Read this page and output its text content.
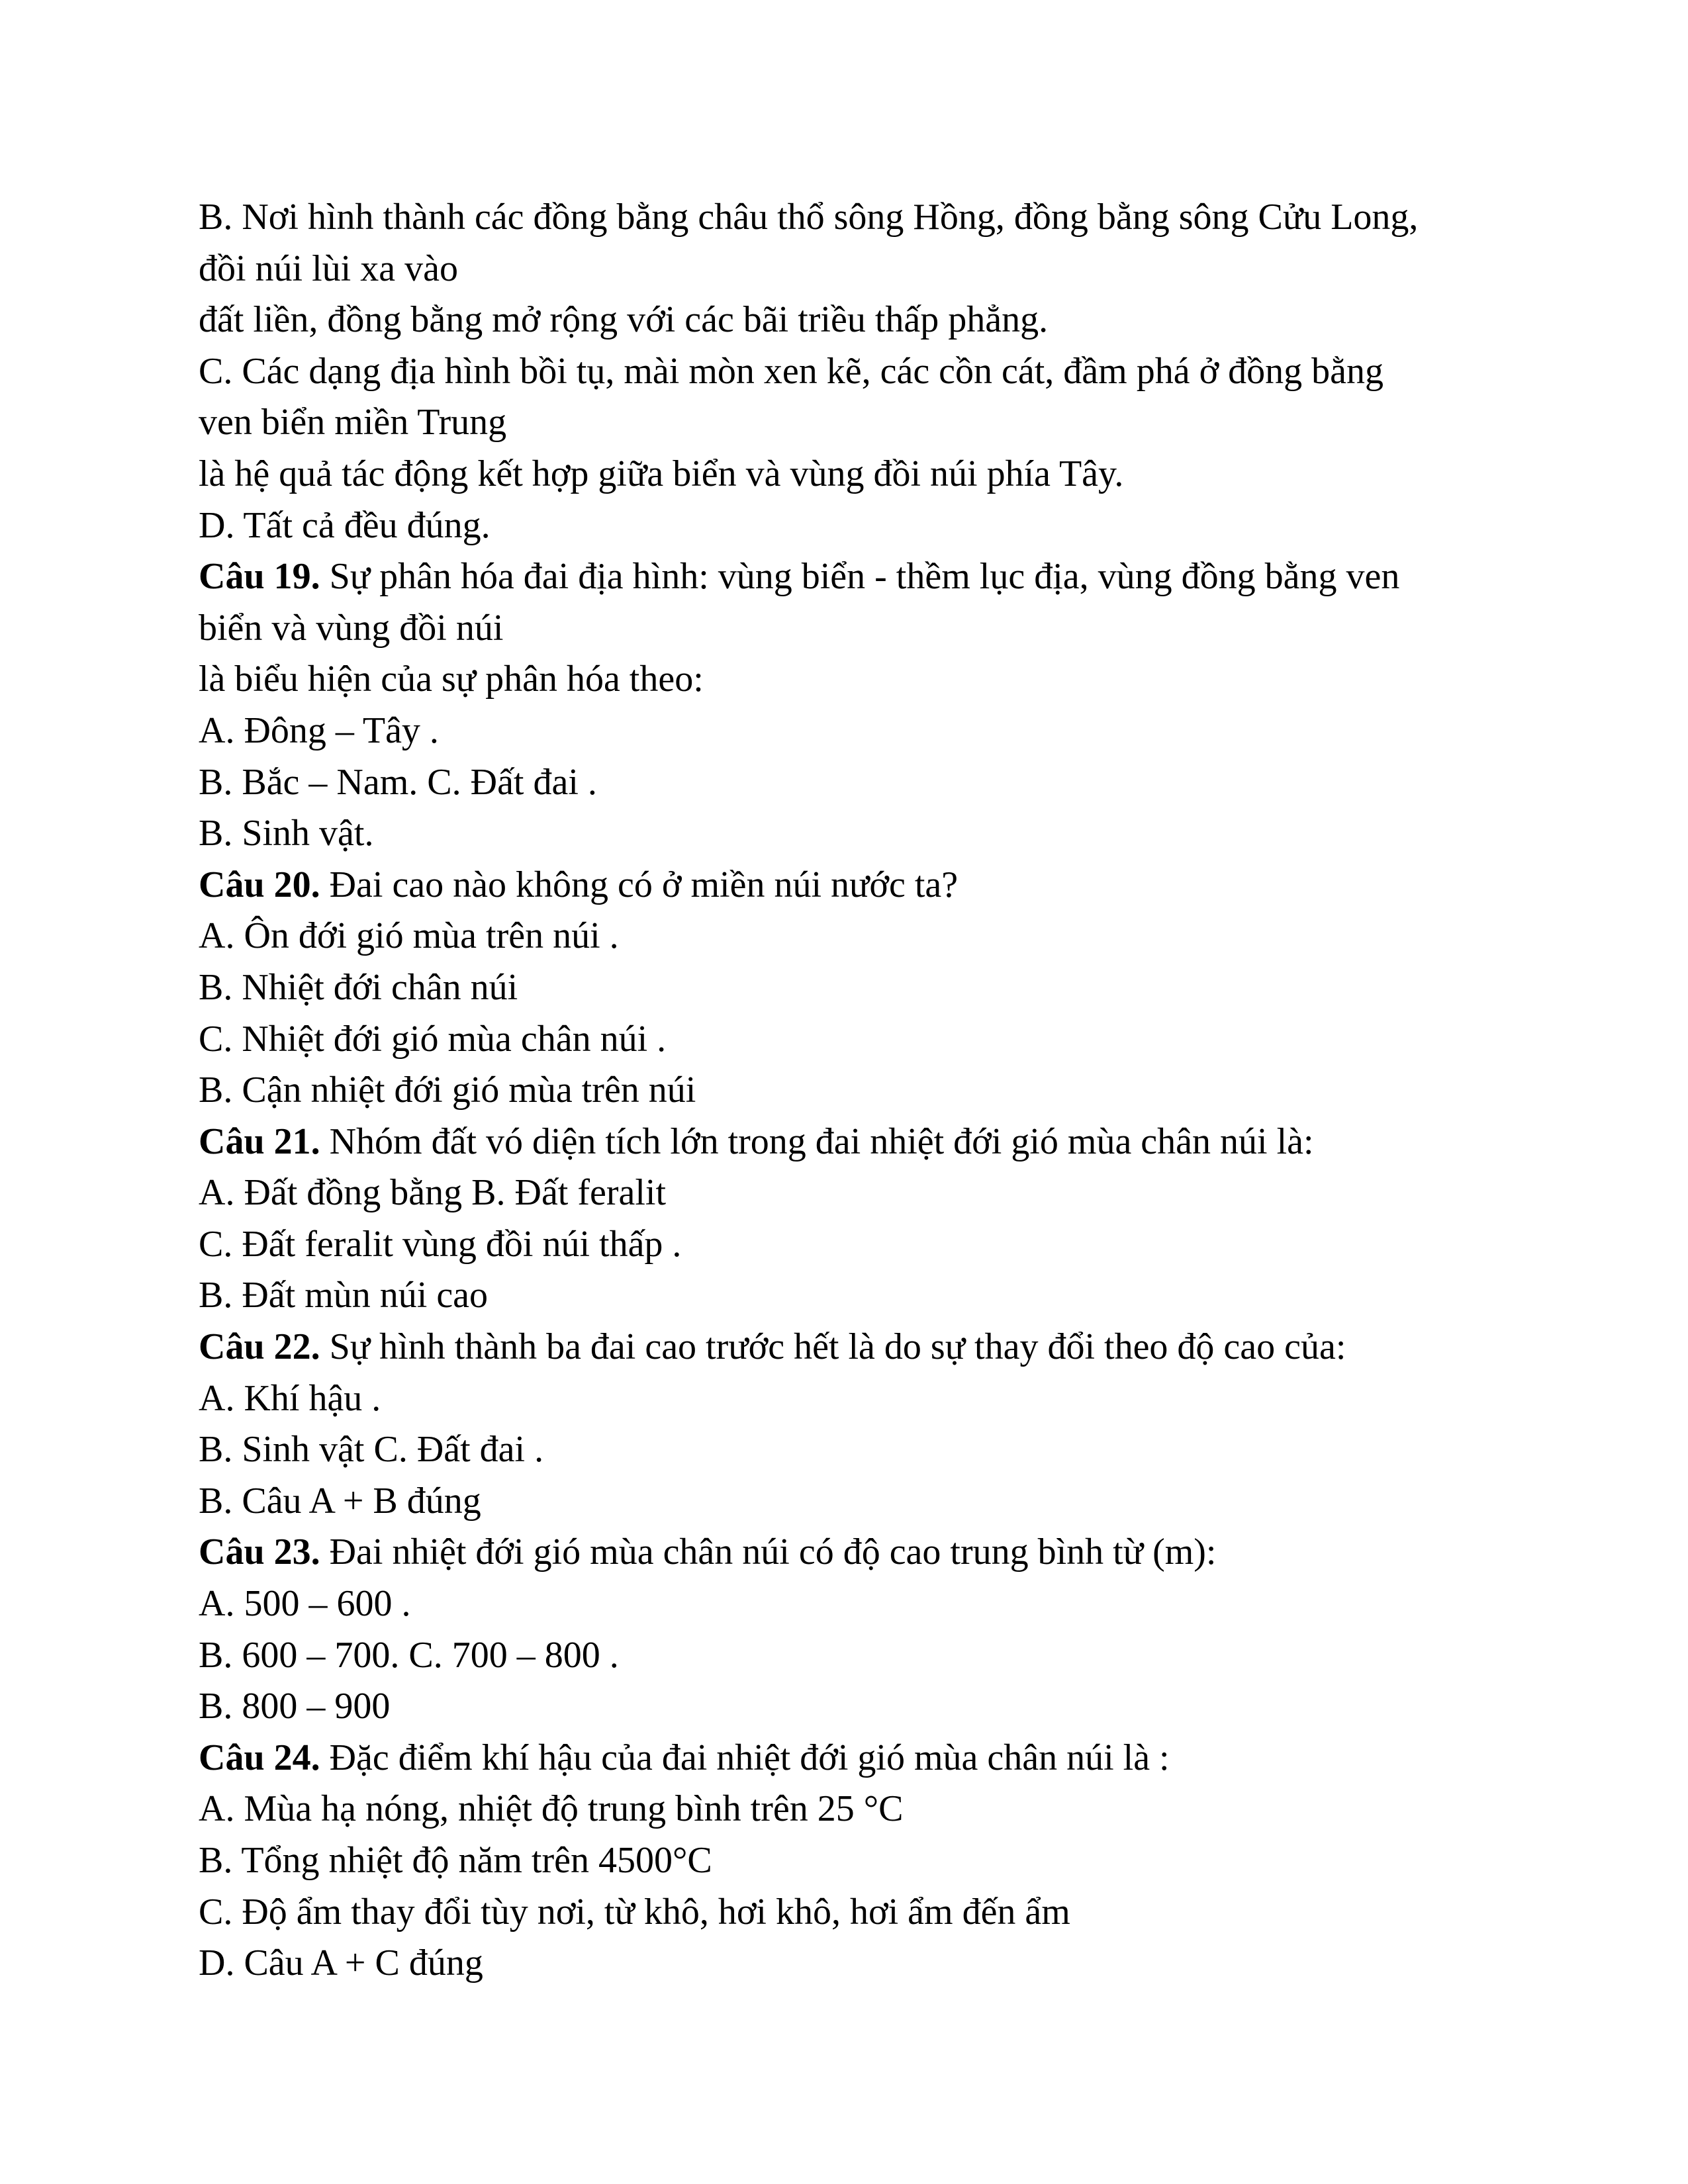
B. Nơi hình thành các đồng bằng châu thổ sông Hồng, đồng bằng sông Cửu Long,

đồi núi lùi xa vào

đất liền, đồng bằng mở rộng với các bãi triều thấp phẳng.

C. Các dạng địa hình bồi tụ, mài mòn xen kẽ, các cồn cát, đầm phá ở đồng bằng

ven biển miền Trung

là hệ quả tác động kết hợp giữa biển và vùng đồi núi phía Tây.

D. Tất cả đều đúng.

Câu 19. Sự phân hóa đai địa hình: vùng biển - thềm lục địa, vùng đồng bằng ven

biển và vùng đồi núi

là biểu hiện của sự phân hóa theo:

A. Đông – Tây .

B. Bắc – Nam. C. Đất đai .

B. Sinh vật.

Câu 20. Đai cao nào không có ở miền núi nước ta?

A. Ôn đới gió mùa trên núi .

B. Nhiệt đới chân núi

C. Nhiệt đới gió mùa chân núi .

B. Cận nhiệt đới gió mùa trên núi

Câu 21. Nhóm đất vó diện tích lớn trong đai nhiệt đới gió mùa chân núi là:

A. Đất đồng bằng B. Đất feralit

C. Đất feralit vùng đồi núi thấp .

B. Đất mùn núi cao

Câu 22. Sự hình thành ba đai cao trước hết là do sự thay đổi theo độ cao của:

A. Khí hậu .

B. Sinh vật C. Đất đai .

B. Câu A + B đúng

Câu 23. Đai nhiệt đới gió mùa chân núi có độ cao trung bình từ (m):

A. 500 – 600 .

B. 600 – 700. C. 700 – 800 .

B. 800 – 900

Câu 24. Đặc điểm khí hậu của đai nhiệt đới gió mùa chân núi là :

A. Mùa hạ nóng, nhiệt độ trung bình trên 25 °C

B. Tổng nhiệt độ năm trên 4500°C

C. Độ ẩm thay đổi tùy nơi, từ khô, hơi khô, hơi ẩm đến ẩm

D. Câu A + C đúng
